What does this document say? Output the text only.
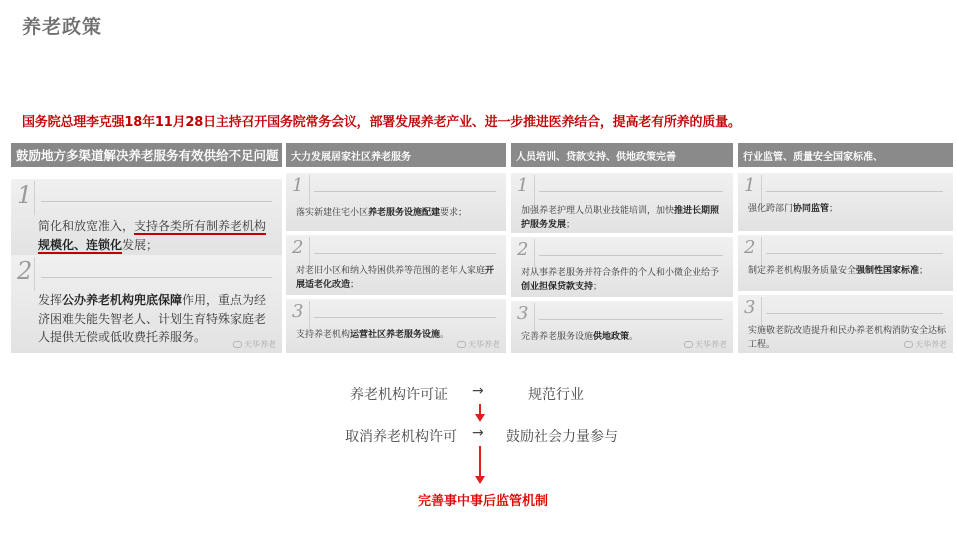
养老政策
国务院总理李克强18年11月28日主持召开国务院常务会议，部署发展养老产业、进一步推进医养结合，提高老有所养的质量。
鼓励地方多渠道解决养老服务有效供给不足问题
1
简化和放宽准入，支持各类所有制养老机构
规模化、连锁化发展；
2
发挥公办养老机构兜底保障作用，重点为经济困难失能失智老人、计划生育特殊家庭老人提供无偿或低收费托养服务。
天华养老
大力发展居家社区养老服务
1
落实新建住宅小区养老服务设施配建要求；
2
对老旧小区和纳入特困供养等范围的老年人家庭开展适老化改造；
3
支持养老机构运营社区养老服务设施。
天华养老
人员培训、贷款支持、供地政策完善
1
加强养老护理人员职业技能培训，加快推进长期照护服务发展；
2
对从事养老服务并符合条件的个人和小微企业给予创业担保贷款支持；
3
完善养老服务设施供地政策。
天华养老
行业监管、质量安全国家标准、
1
强化跨部门协同监管；
2
制定养老机构服务质量安全强制性国家标准；
3
实施敬老院改造提升和民办养老机构消防安全达标工程。	天华养老
养老机构许可证 →	规范行业
取消养老机构许可 → 鼓励社会力量参与
完善事中事后监管机制
